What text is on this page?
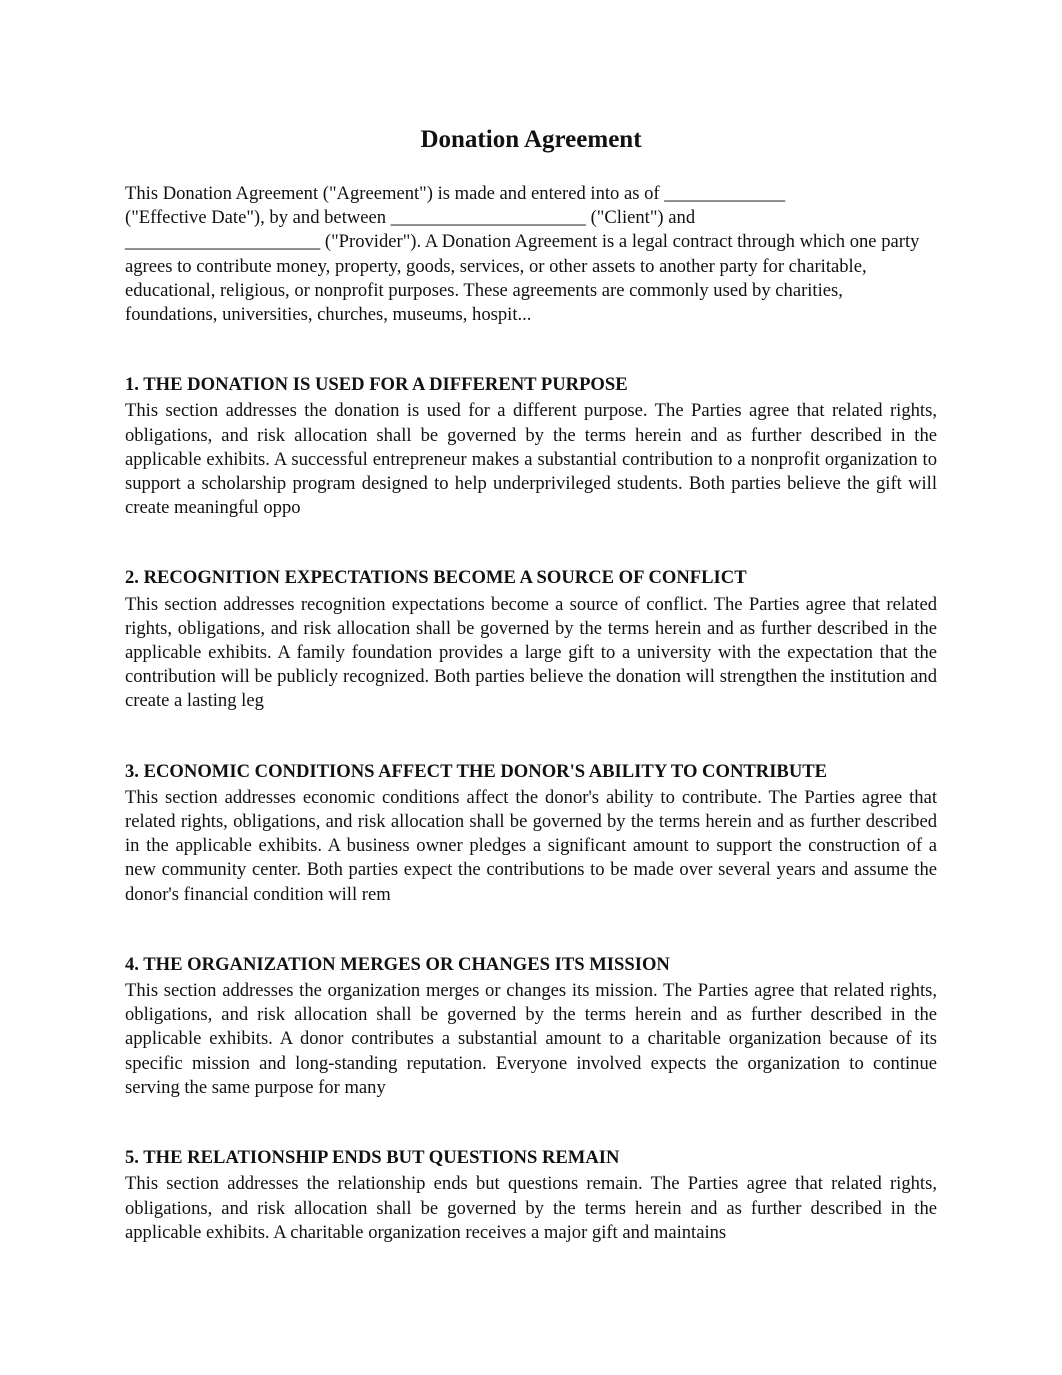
Donation Agreement

This Donation Agreement ("Agreement") is made and entered into as of _____________
("Effective Date"), by and between _____________________ ("Client") and
_____________________ ("Provider"). A Donation Agreement is a legal contract through which one party agrees to contribute money, property, goods, services, or other assets to another party for charitable, educational, religious, or nonprofit purposes. These agreements are commonly used by charities, foundations, universities, churches, museums, hospit...

1. THE DONATION IS USED FOR A DIFFERENT PURPOSE

This section addresses the donation is used for a different purpose. The Parties agree that related rights, obligations, and risk allocation shall be governed by the terms herein and as further described in the applicable exhibits. A successful entrepreneur makes a substantial contribution to a nonprofit organization to support a scholarship program designed to help underprivileged students. Both parties believe the gift will create meaningful oppo

2. RECOGNITION EXPECTATIONS BECOME A SOURCE OF CONFLICT

This section addresses recognition expectations become a source of conflict. The Parties agree that related rights, obligations, and risk allocation shall be governed by the terms herein and as further described in the applicable exhibits. A family foundation provides a large gift to a university with the expectation that the contribution will be publicly recognized. Both parties believe the donation will strengthen the institution and create a lasting leg

3. ECONOMIC CONDITIONS AFFECT THE DONOR'S ABILITY TO CONTRIBUTE

This section addresses economic conditions affect the donor's ability to contribute. The Parties agree that related rights, obligations, and risk allocation shall be governed by the terms herein and as further described in the applicable exhibits. A business owner pledges a significant amount to support the construction of a new community center. Both parties expect the contributions to be made over several years and assume the donor's financial condition will rem

4. THE ORGANIZATION MERGES OR CHANGES ITS MISSION

This section addresses the organization merges or changes its mission. The Parties agree that related rights, obligations, and risk allocation shall be governed by the terms herein and as further described in the applicable exhibits. A donor contributes a substantial amount to a charitable organization because of its specific mission and long-standing reputation. Everyone involved expects the organization to continue serving the same purpose for many

5. THE RELATIONSHIP ENDS BUT QUESTIONS REMAIN

This section addresses the relationship ends but questions remain. The Parties agree that related rights, obligations, and risk allocation shall be governed by the terms herein and as further described in the applicable exhibits. A charitable organization receives a major gift and maintains
